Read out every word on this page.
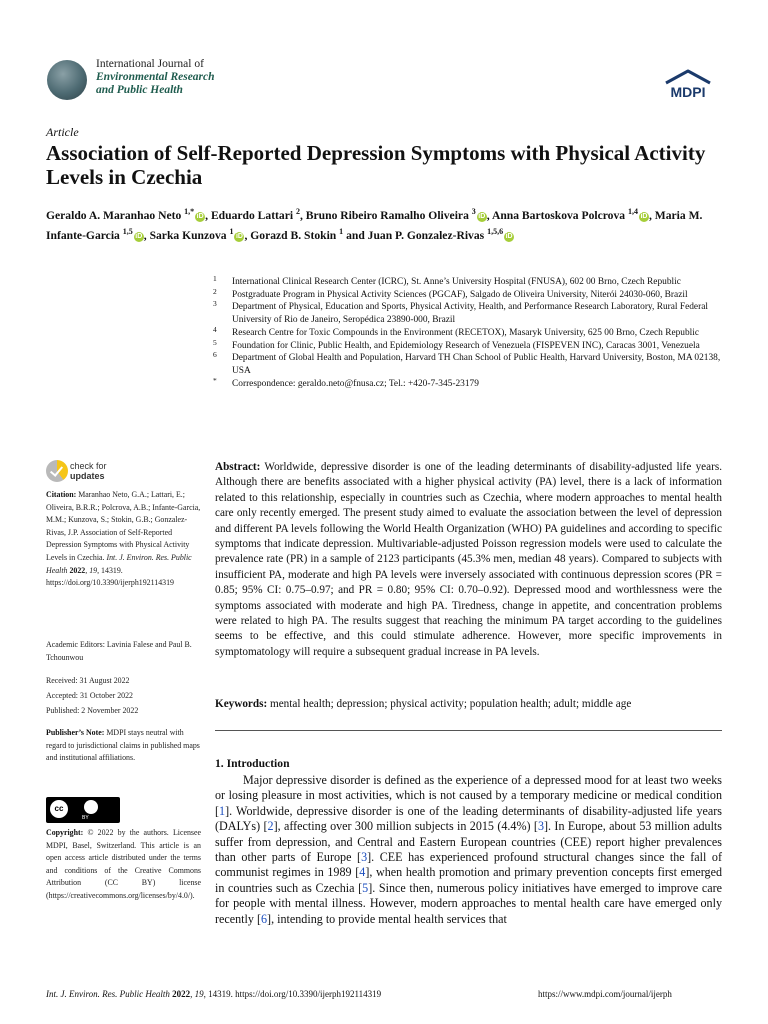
International Journal of
Environmental Research
and Public Health	MDPI
Article
Association of Self-Reported Depression Symptoms with Physical Activity Levels in Czechia
Geraldo A. Maranhao Neto $^{1,*}$iD , Eduardo Lattari $^2$, Bruno Ribeiro Ramalho Oliveira $^3$iD , Anna Bartoskova Polcrova $^{1,4}$iD , Maria M. Infante-Garcia $^{1,5}$iD , Sarka Kunzova $^1$iD , Gorazd B. Stokin $^1$ and Juan P. Gonzalez-Rivas $^{1,5,6}$iD
1 International Clinical Research Center (ICRC), St. Anne’s University Hospital (FNUSA), 602 00 Brno, Czech Republic
2 Postgraduate Program in Physical Activity Sciences (PGCAF), Salgado de Oliveira University, Niterói 24030-060, Brazil
3 Department of Physical, Education and Sports, Physical Activity, Health, and Performance Research Laboratory, Rural Federal University of Rio de Janeiro, Seropédica 23890-000, Brazil
4 Research Centre for Toxic Compounds in the Environment (RECETOX), Masaryk University, 625 00 Brno, Czech Republic
5 Foundation for Clinic, Public Health, and Epidemiology Research of Venezuela (FISPEVEN INC), Caracas 3001, Venezuela
6 Department of Global Health and Population, Harvard TH Chan School of Public Health, Harvard University, Boston, MA 02138, USA
* Correspondence: geraldo.neto@fnusa.cz; Tel.: +420-7-345-23179
check for
updates
Citation: Maranhao Neto, G.A.; Lattari, E.; Oliveira, B.R.R.; Polcrova, A.B.; Infante-Garcia, M.M.; Kunzova, S.; Stokin, G.B.; Gonzalez-Rivas, J.P. Association of Self-Reported Depression Symptoms with Physical Activity Levels in Czechia. Int. J. Environ. Res. Public Health 2022, 19, 14319. https://doi.org/10.3390/ijerph192114319
Academic Editors: Lavinia Falese and Paul B. Tchounwou
Received: 31 August 2022
Accepted: 31 October 2022
Published: 2 November 2022
Publisher’s Note: MDPI stays neutral with regard to jurisdictional claims in published maps and institutional affiliations.
cc
BY
Copyright: © 2022 by the authors. Licensee MDPI, Basel, Switzerland. This article is an open access article distributed under the terms and conditions of the Creative Commons Attribution (CC BY) license (https://creativecommons.org/licenses/by/4.0/).
Abstract: Worldwide, depressive disorder is one of the leading determinants of disability-adjusted life years. Although there are benefits associated with a higher physical activity (PA) level, there is a lack of information related to this relationship, especially in countries such as Czechia, where modern approaches to mental health care only recently emerged. The present study aimed to evaluate the association between the level of depression and different PA levels following the World Health Organization (WHO) PA guidelines and according to specific symptoms that indicate depression. Multivariable-adjusted Poisson regression models were used to calculate the prevalence rate (PR) in a sample of 2123 participants (45.3% men, median 48 years). Compared to subjects with insufficient PA, moderate and high PA levels were inversely associated with continuous depression scores (PR = 0.85; 95% CI: 0.75–0.97; and PR = 0.80; 95% CI: 0.70–0.92). Depressed mood and worthlessness were the symptoms associated with moderate and high PA. Tiredness, change in appetite, and concentration problems were related to high PA. The results suggest that reaching the minimum PA target according to the guidelines seems to be effective, and this could stimulate adherence. However, more specific improvements in symptomatology will require a subsequent gradual increase in PA levels.
Keywords: mental health; depression; physical activity; population health; adult; middle age
1. Introduction
Major depressive disorder is defined as the experience of a depressed mood for at least two weeks or losing pleasure in most activities, which is not caused by a temporary medicine or medical condition [1]. Worldwide, depressive disorder is one of the leading determinants of disability-adjusted life years (DALYs) [2], affecting over 300 million subjects in 2015 (4.4%) [3]. In Europe, about 53 million adults suffer from depression, and Central and Eastern European countries (CEE) report higher prevalences than other parts of Europe [3]. CEE has experienced profound structural changes since the fall of communist regimes in 1989 [4], when health promotion and primary prevention concepts first emerged in countries such as Czechia [5]. Since then, numerous policy initiatives have emerged to improve care for people with mental illness. However, modern approaches to mental health care have emerged only recently [6], intending to provide mental health services that
Int. J. Environ. Res. Public Health 2022, 19, 14319. https://doi.org/10.3390/ijerph192114319	https://www.mdpi.com/journal/ijerph
